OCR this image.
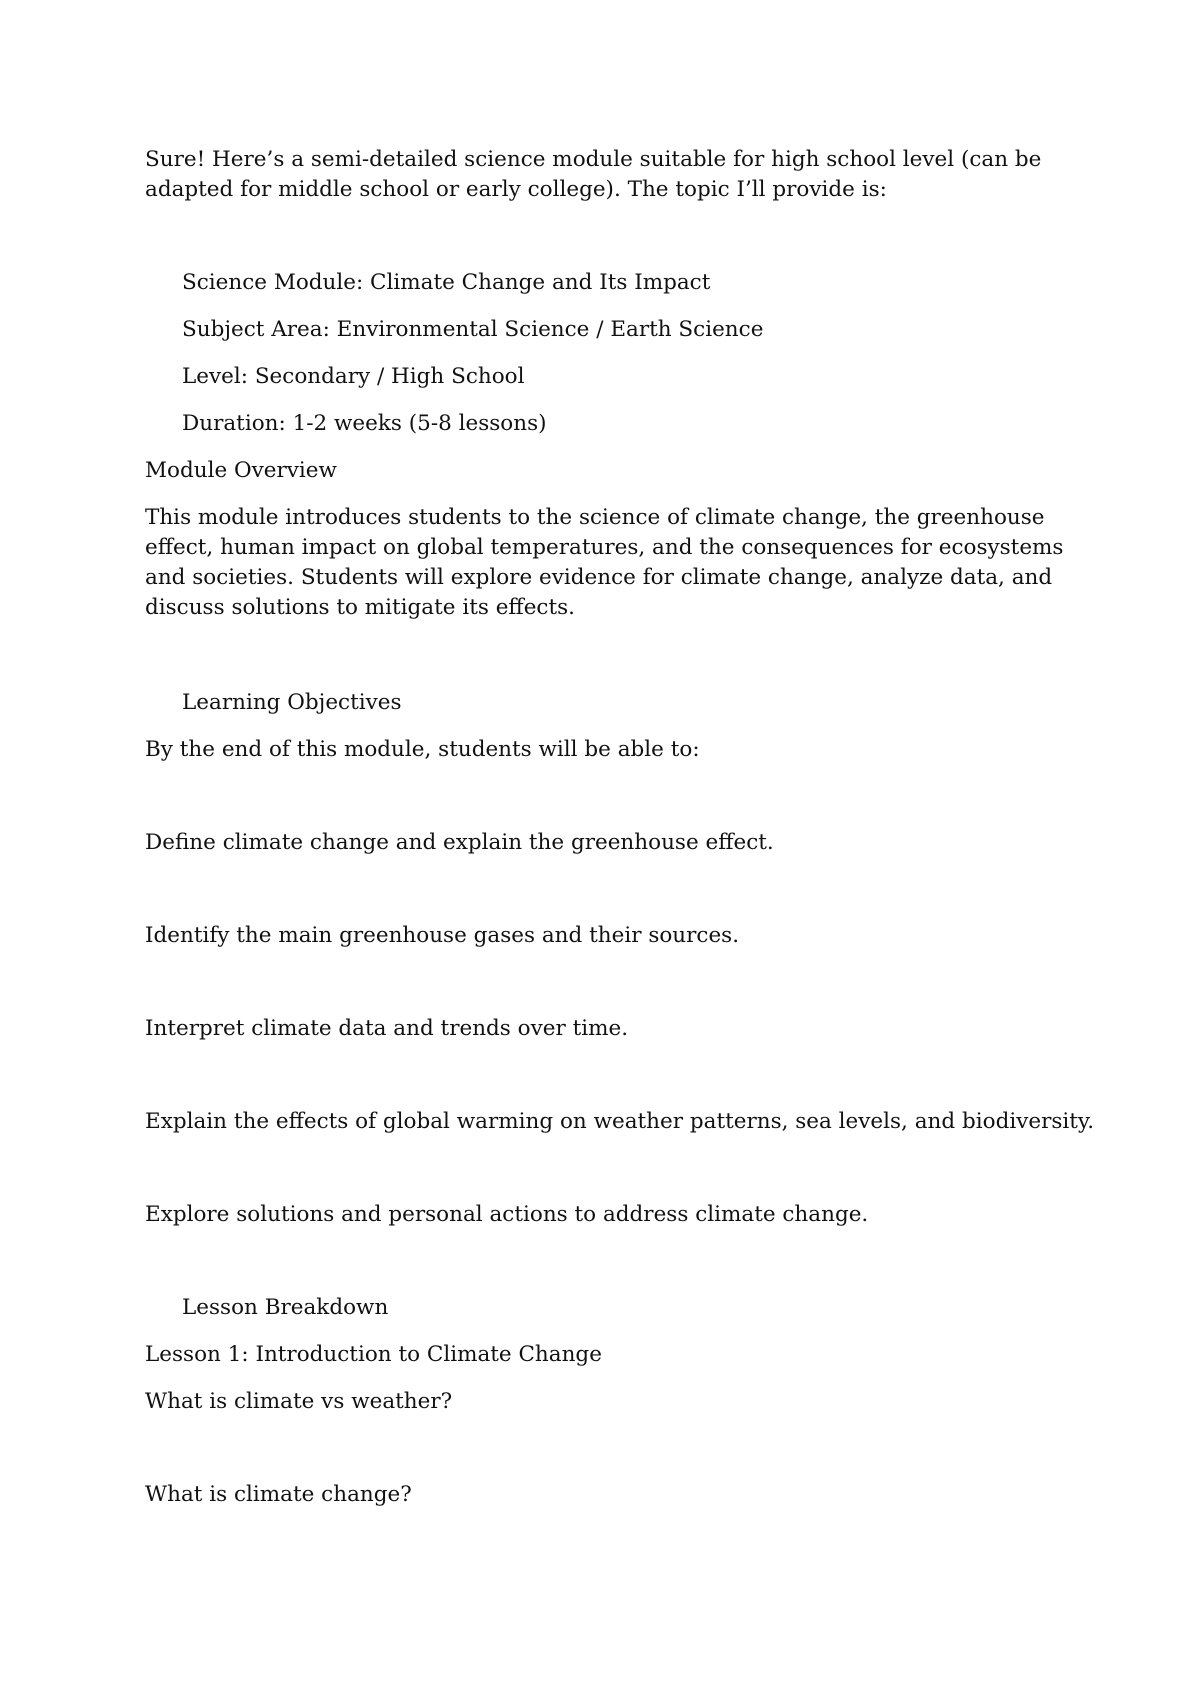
Sure! Here’s a semi-detailed science module suitable for high school level (can be adapted for middle school or early college). The topic I’ll provide is:

Science Module: Climate Change and Its Impact

Subject Area: Environmental Science / Earth Science

Level: Secondary / High School

Duration: 1-2 weeks (5-8 lessons)

Module Overview

This module introduces students to the science of climate change, the greenhouse effect, human impact on global temperatures, and the consequences for ecosystems and societies. Students will explore evidence for climate change, analyze data, and discuss solutions to mitigate its effects.

Learning Objectives

By the end of this module, students will be able to:

Define climate change and explain the greenhouse effect.

Identify the main greenhouse gases and their sources.

Interpret climate data and trends over time.

Explain the effects of global warming on weather patterns, sea levels, and biodiversity.

Explore solutions and personal actions to address climate change.

Lesson Breakdown

Lesson 1: Introduction to Climate Change

What is climate vs weather?

What is climate change?
